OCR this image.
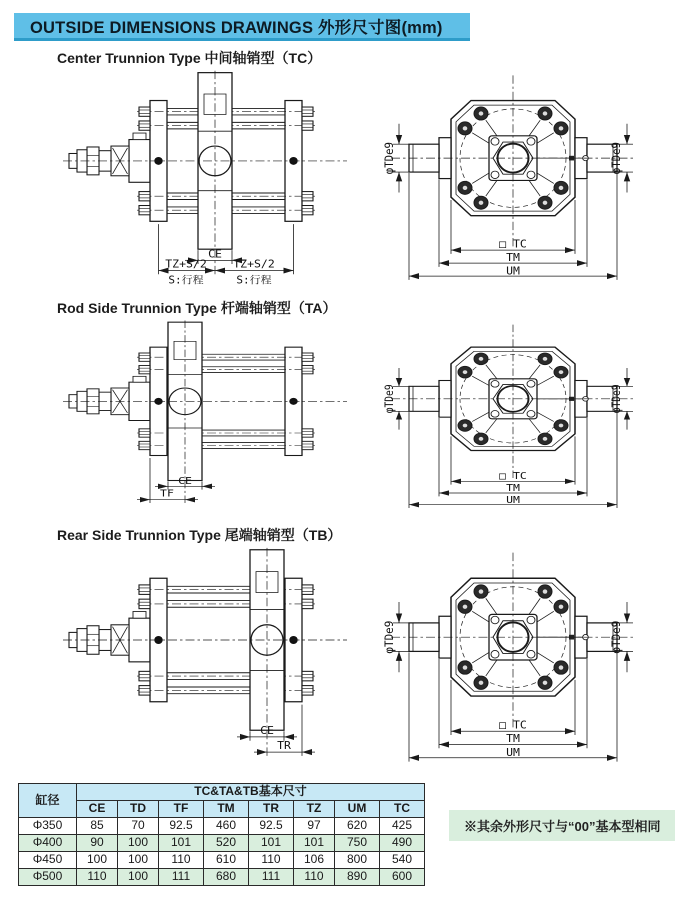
OUTSIDE DIMENSIONS DRAWINGS 外形尺寸图(mm)
Center Trunnion Type 中间轴销型（TC）
CE
TZ+S/2 TZ+S/2
S:行程	S:行程
φTDe9	φTDe9
□ TC
TM
UM
Rod Side Trunnion Type 杆端轴销型（TA）
CE
TF
φTDe9	φTDe9
□ TC
TM
UM
Rear Side Trunnion Type 尾端轴销型（TB）
CE
TR
φTDe9	φTDe9
□ TC
TM
UM
缸径	TC&TA&TB基本尺寸							
	CE	TD	TF	TM	TR	TZ	UM	TC
Φ350	85	70	92.5	460	92.5	97	620	425
Φ400	90	100	101	520	101	101	750	490
Φ450	100	100	110	610	110	106	800	540
Φ500	110	100	111	680	111	110	890	600
※其余外形尺寸与“00”基本型相同
